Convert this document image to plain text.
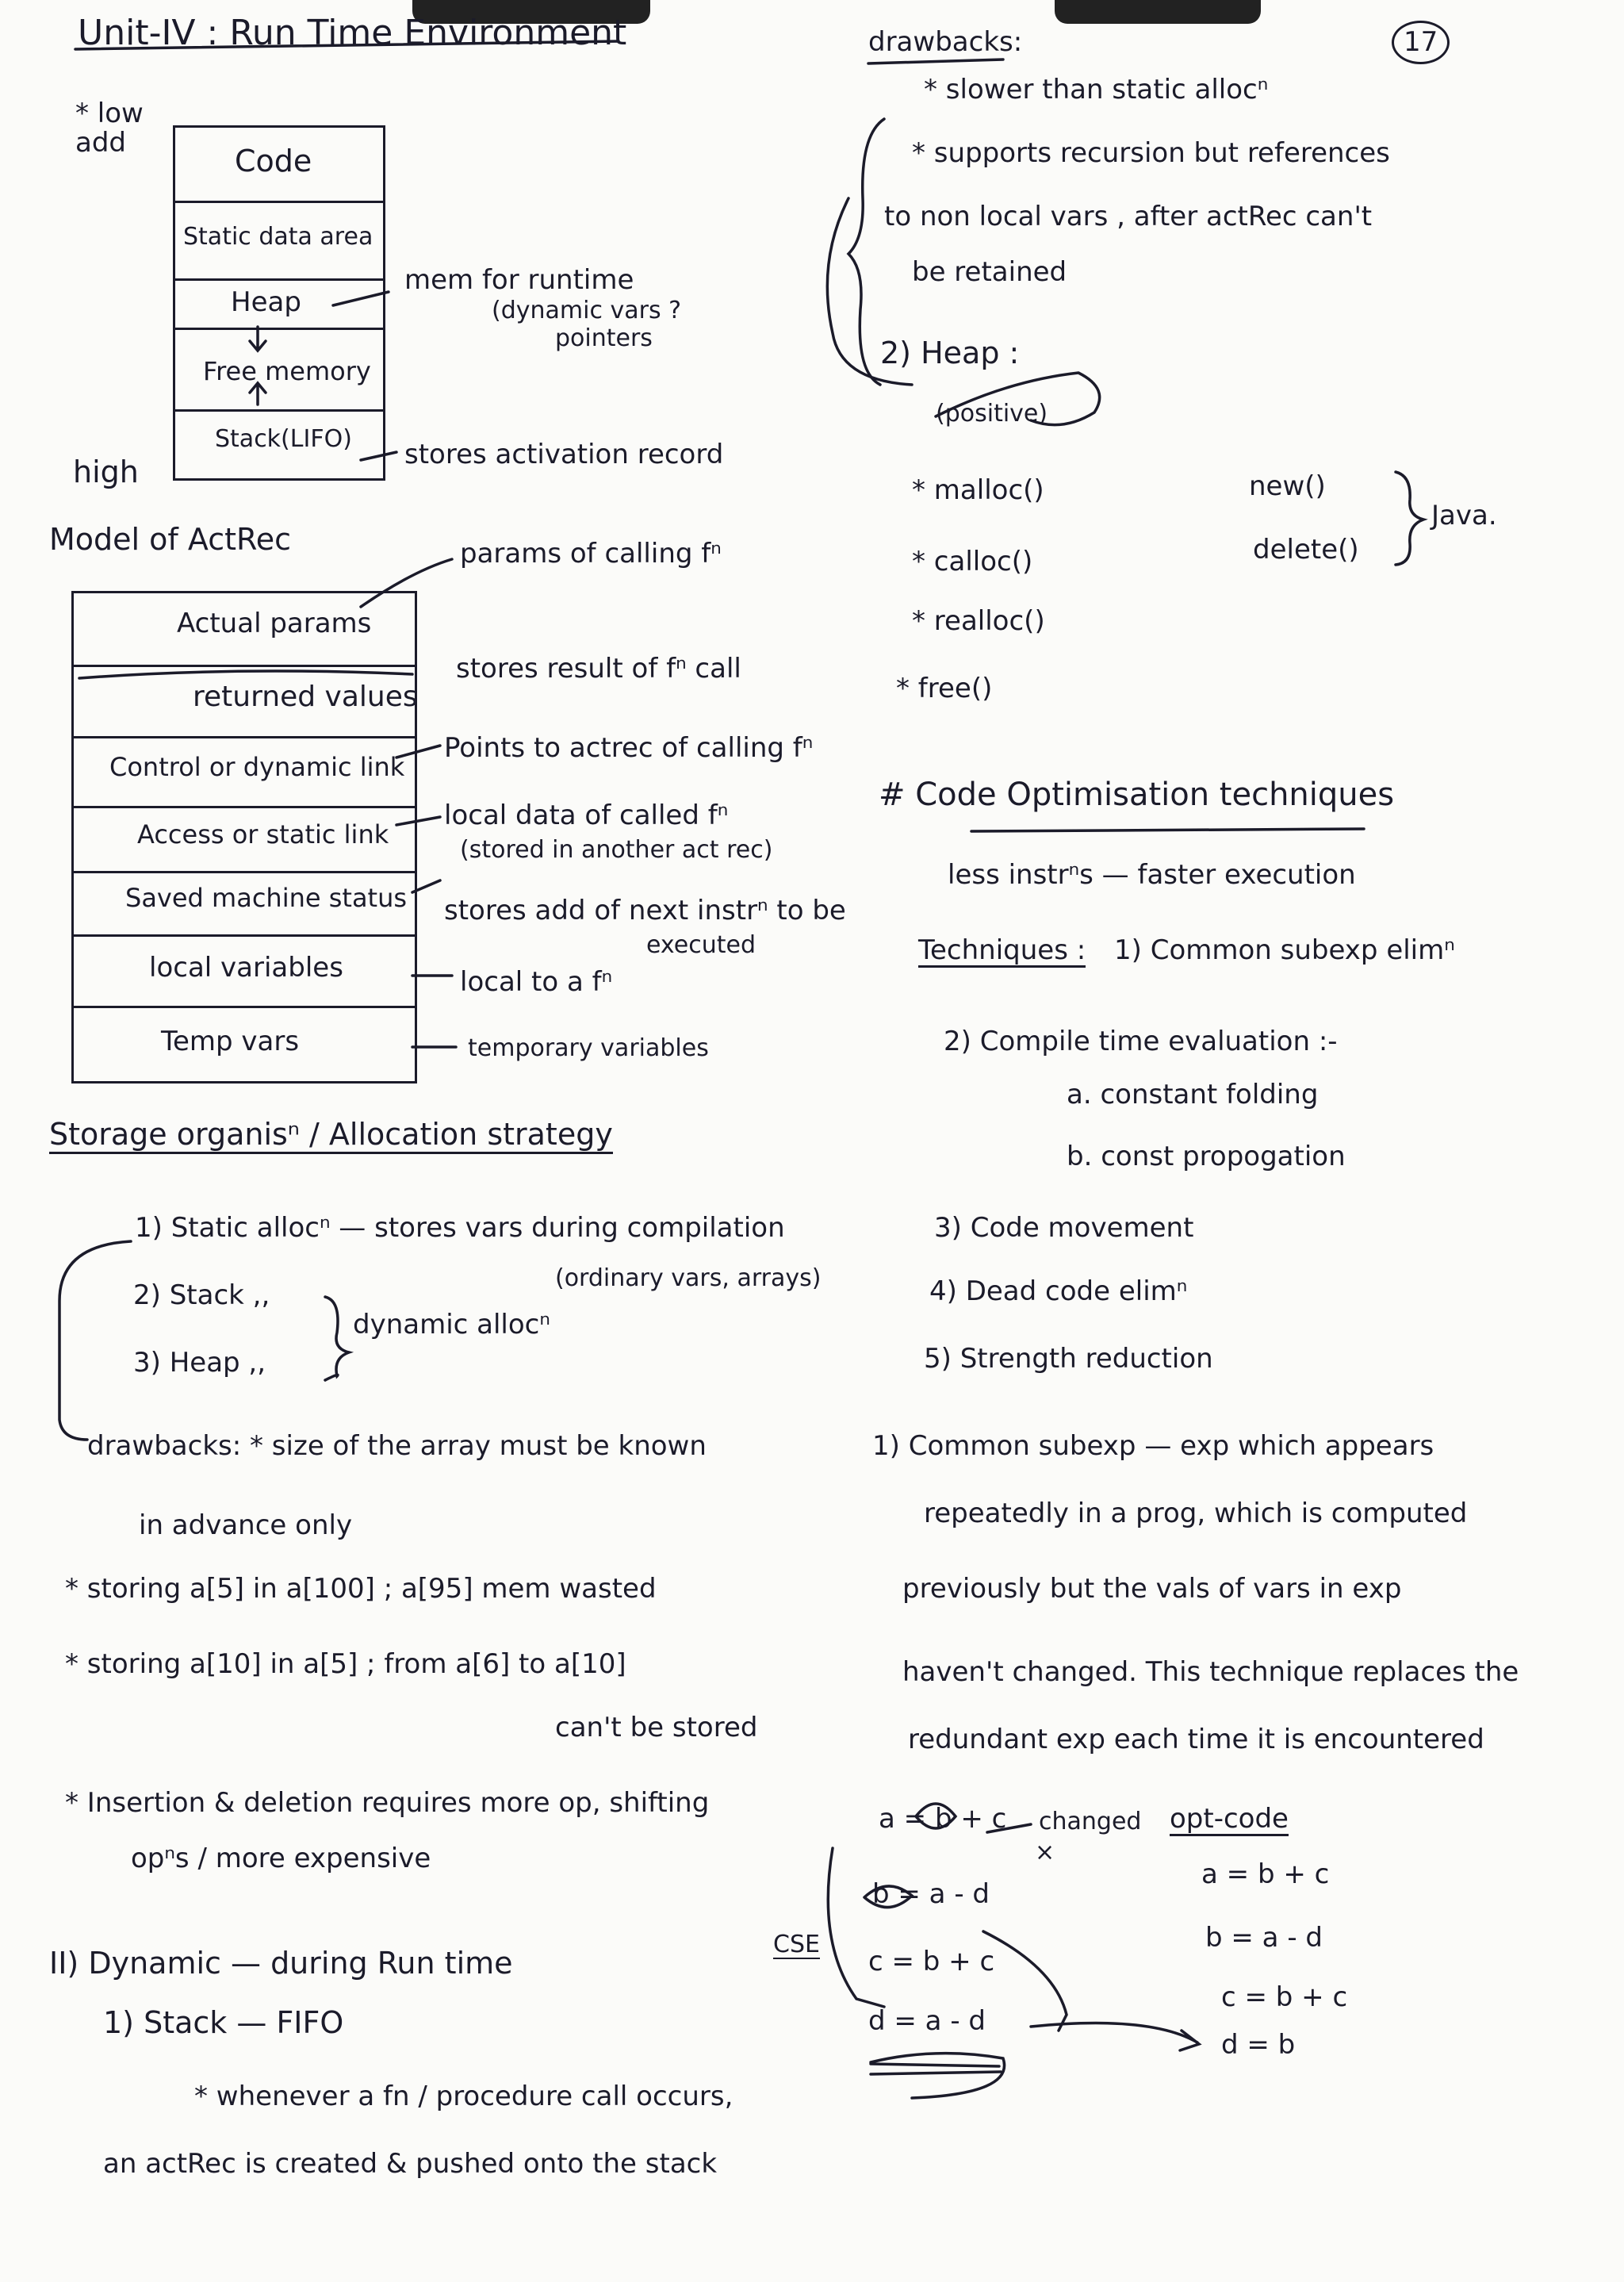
×
17
Unit-IV : Run Time Environment
* low add
Code
Static data area
Heap
Free memory
Stack(LIFO)
high
mem for runtime
(dynamic vars ?
pointers
stores activation record
Model of ActRec
Actual params
returned values
Control or dynamic link
Access or static link
Saved machine status
local variables
Temp vars
params of calling fⁿ
stores result of fⁿ call
Points to actrec of calling fⁿ
local data of called fⁿ
(stored in another act rec)
stores add of next instrⁿ to be
executed
local to a fⁿ
temporary variables
Storage organisⁿ / Allocation strategy
1) Static allocⁿ — stores vars during compilation
(ordinary vars, arrays)
2) Stack ,,
3) Heap ,,
dynamic allocⁿ
drawbacks: * size of the array must be known
in advance only
* storing a[5] in a[100] ; a[95] mem wasted
* storing a[10] in a[5] ; from a[6] to a[10]
can't be stored
* Insertion & deletion requires more op, shifting
opⁿs / more expensive
II) Dynamic — during Run time
1) Stack — FIFO
* whenever a fn / procedure call occurs,
an actRec is created & pushed onto the stack
drawbacks:
* slower than static allocⁿ
* supports recursion but references
to non local vars , after actRec can't
be retained
2) Heap :
(positive)
* malloc()
* calloc()
* realloc()
* free()
new()
delete()
Java.
# Code Optimisation techniques
less instrⁿs — faster execution
Techniques : 1) Common subexp elimⁿ
2) Compile time evaluation :-
a. constant folding
b. const propogation
3) Code movement
4) Dead code elimⁿ
5) Strength reduction
1) Common subexp — exp which appears
repeatedly in a prog, which is computed
previously but the vals of vars in exp
haven't changed. This technique replaces the
redundant exp each time it is encountered
a = b + c
b = a - d
c = b + c
d = a - d
changed
CSE
opt-code
a = b + c
b = a - d
c = b + c
d = b
